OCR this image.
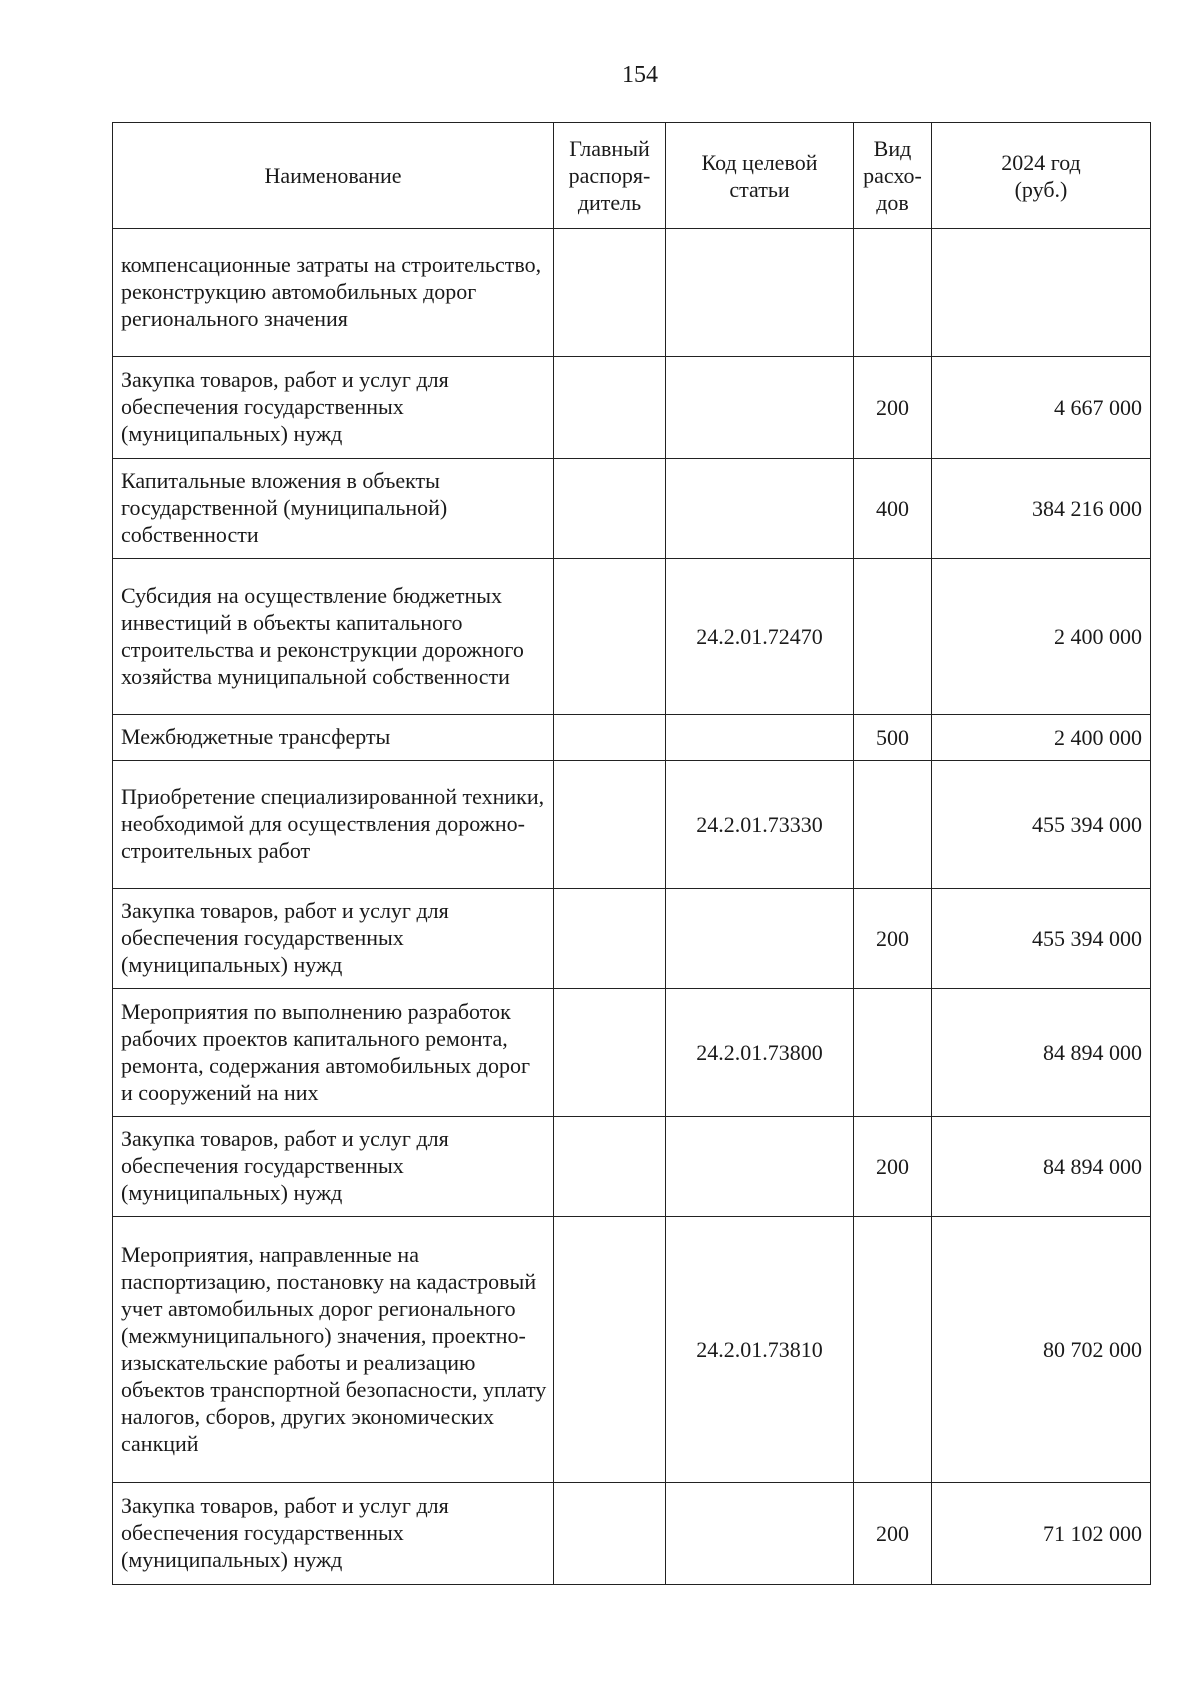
154
Наименование	Главный
распоря-
дитель	Код целевой
статьи	Вид
расхо-
дов	2024 год
(руб.)
компенсационные затраты на строительство, реконструкцию автомобильных дорог регионального значения				
Закупка товаров, работ и услуг для обеспечения государственных (муниципальных) нужд			200	4 667 000
Капитальные вложения в объекты государственной (муниципальной) собственности			400	384 216 000
Субсидия на осуществление бюджетных инвестиций в объекты капитального строительства и реконструкции дорожного хозяйства муниципальной собственности		24.2.01.72470		2 400 000
Межбюджетные трансферты			500	2 400 000
Приобретение специализированной техники, необходимой для осуществления дорожно-строительных работ		24.2.01.73330		455 394 000
Закупка товаров, работ и услуг для обеспечения государственных (муниципальных) нужд			200	455 394 000
Мероприятия по выполнению разработок рабочих проектов капитального ремонта, ремонта, содержания автомобильных дорог и сооружений на них		24.2.01.73800		84 894 000
Закупка товаров, работ и услуг для обеспечения государственных (муниципальных) нужд			200	84 894 000
Мероприятия, направленные на паспортизацию, постановку на кадастровый учет автомобильных дорог регионального (межмуниципального) значения, проектно-изыскательские работы и реализацию объектов транспортной безопасности, уплату налогов, сборов, других экономических санкций		24.2.01.73810		80 702 000
Закупка товаров, работ и услуг для обеспечения государственных (муниципальных) нужд			200	71 102 000
